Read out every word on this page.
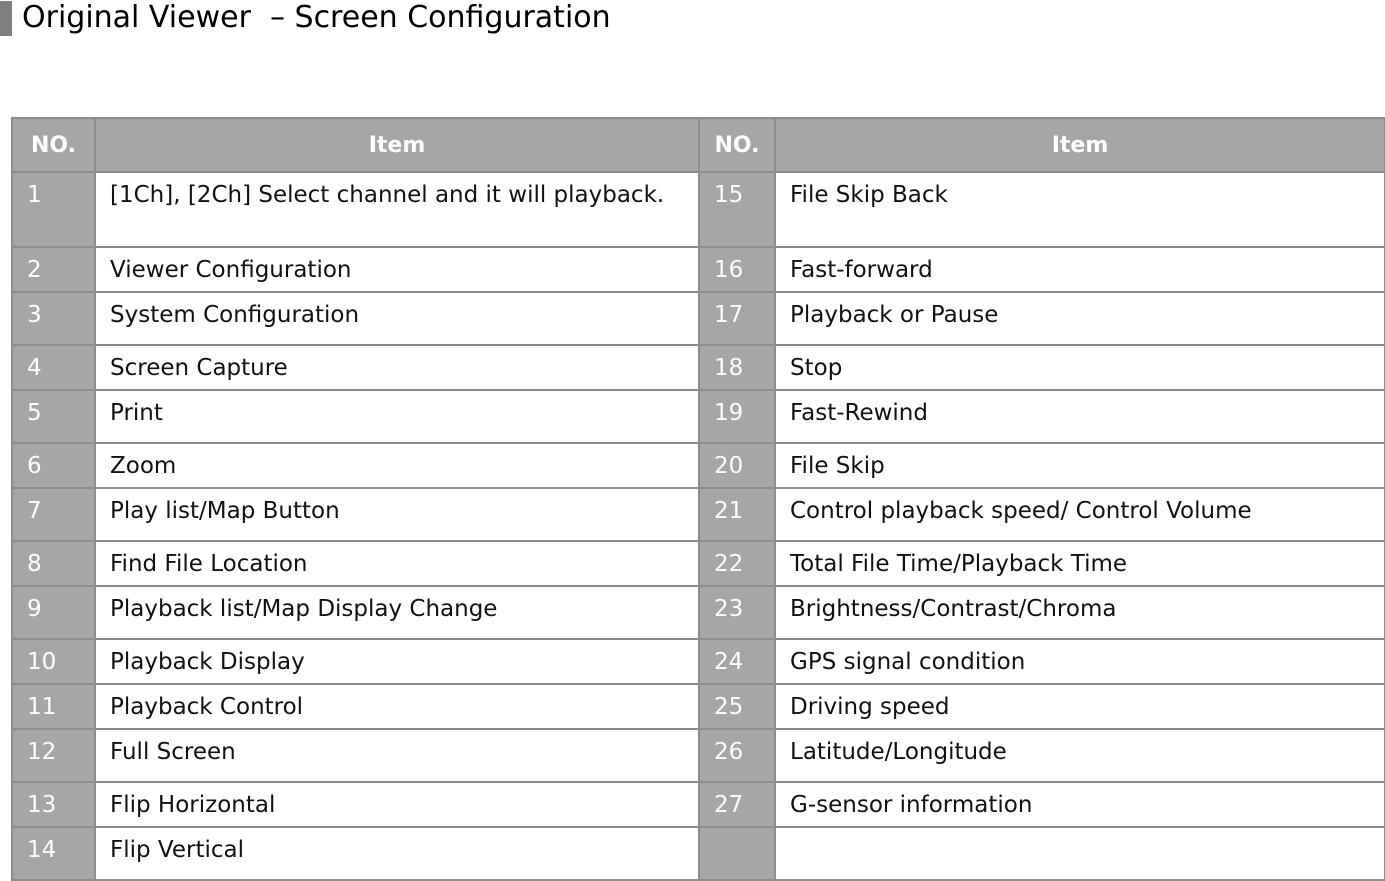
Original Viewer  – Screen Configuration
NO.	Item	NO.	Item

1	[1Ch], [2Ch] Select channel and it will playback.	15	File Skip Back

2	Viewer Configuration	16	Fast-forward

3	System Configuration	17	Playback or Pause

4	Screen Capture	18	Stop

5	Print	19	Fast-Rewind

6	Zoom	20	File Skip

7	Play list/Map Button	21	Control playback speed/ Control Volume

8	Find File Location	22	Total File Time/Playback Time

9	Playback list/Map Display Change	23	Brightness/Contrast/Chroma

10	Playback Display	24	GPS signal condition

11	Playback Control	25	Driving speed

12	Full Screen	26	Latitude/Longitude

13	Flip Horizontal	27	G-sensor information

14	Flip Vertical		
